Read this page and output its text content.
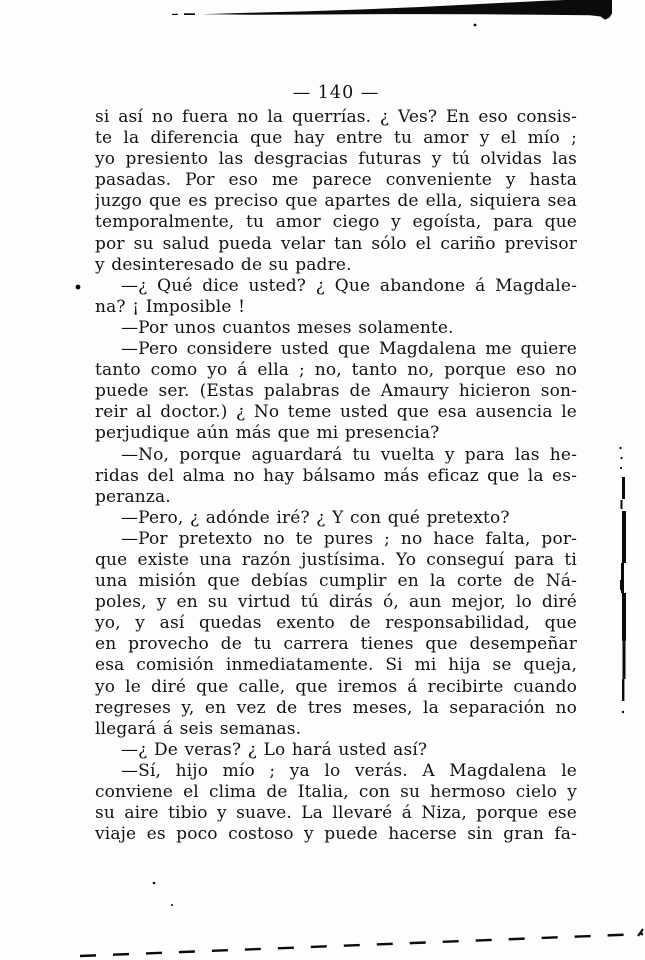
— 140 —
si así no fuera no la querrías. ¿ Ves? En eso consis-
te la diferencia que hay entre tu amor y el mío ;
yo presiento las desgracias futuras y tú olvidas las
pasadas. Por eso me parece conveniente y hasta
juzgo que es preciso que apartes de ella, siquiera sea
temporalmente, tu amor ciego y egoísta, para que
por su salud pueda velar tan sólo el cariño previsor
y desinteresado de su padre.
—¿ Qué dice usted? ¿ Que abandone á Magdale-
na? ¡ Imposible !
—Por unos cuantos meses solamente.
—Pero considere usted que Magdalena me quiere
tanto como yo á ella ; no, tanto no, porque eso no
puede ser. (Estas palabras de Amaury hicieron son-
reir al doctor.) ¿ No teme usted que esa ausencia le
perjudique aún más que mi presencia?
—No, porque aguardará tu vuelta y para las he-
ridas del alma no hay bálsamo más eficaz que la es-
peranza.
—Pero, ¿ adónde iré? ¿ Y con qué pretexto?
—Por pretexto no te pures ; no hace falta, por-
que existe una razón justísima. Yo conseguí para ti
una misión que debías cumplir en la corte de Ná-
poles, y en su virtud tú dirás ó, aun mejor, lo diré
yo, y así quedas exento de responsabilidad, que
en provecho de tu carrera tienes que desempeñar
esa comisión inmediatamente. Si mi hija se queja,
yo le diré que calle, que iremos á recibirte cuando
regreses y, en vez de tres meses, la separación no
llegará á seis semanas.
—¿ De veras? ¿ Lo hará usted así?
—Sí, hijo mío ; ya lo verás. A Magdalena le
conviene el clima de Italia, con su hermoso cielo y
su aire tibio y suave. La llevaré á Niza, porque ese
viaje es poco costoso y puede hacerse sin gran fa-
